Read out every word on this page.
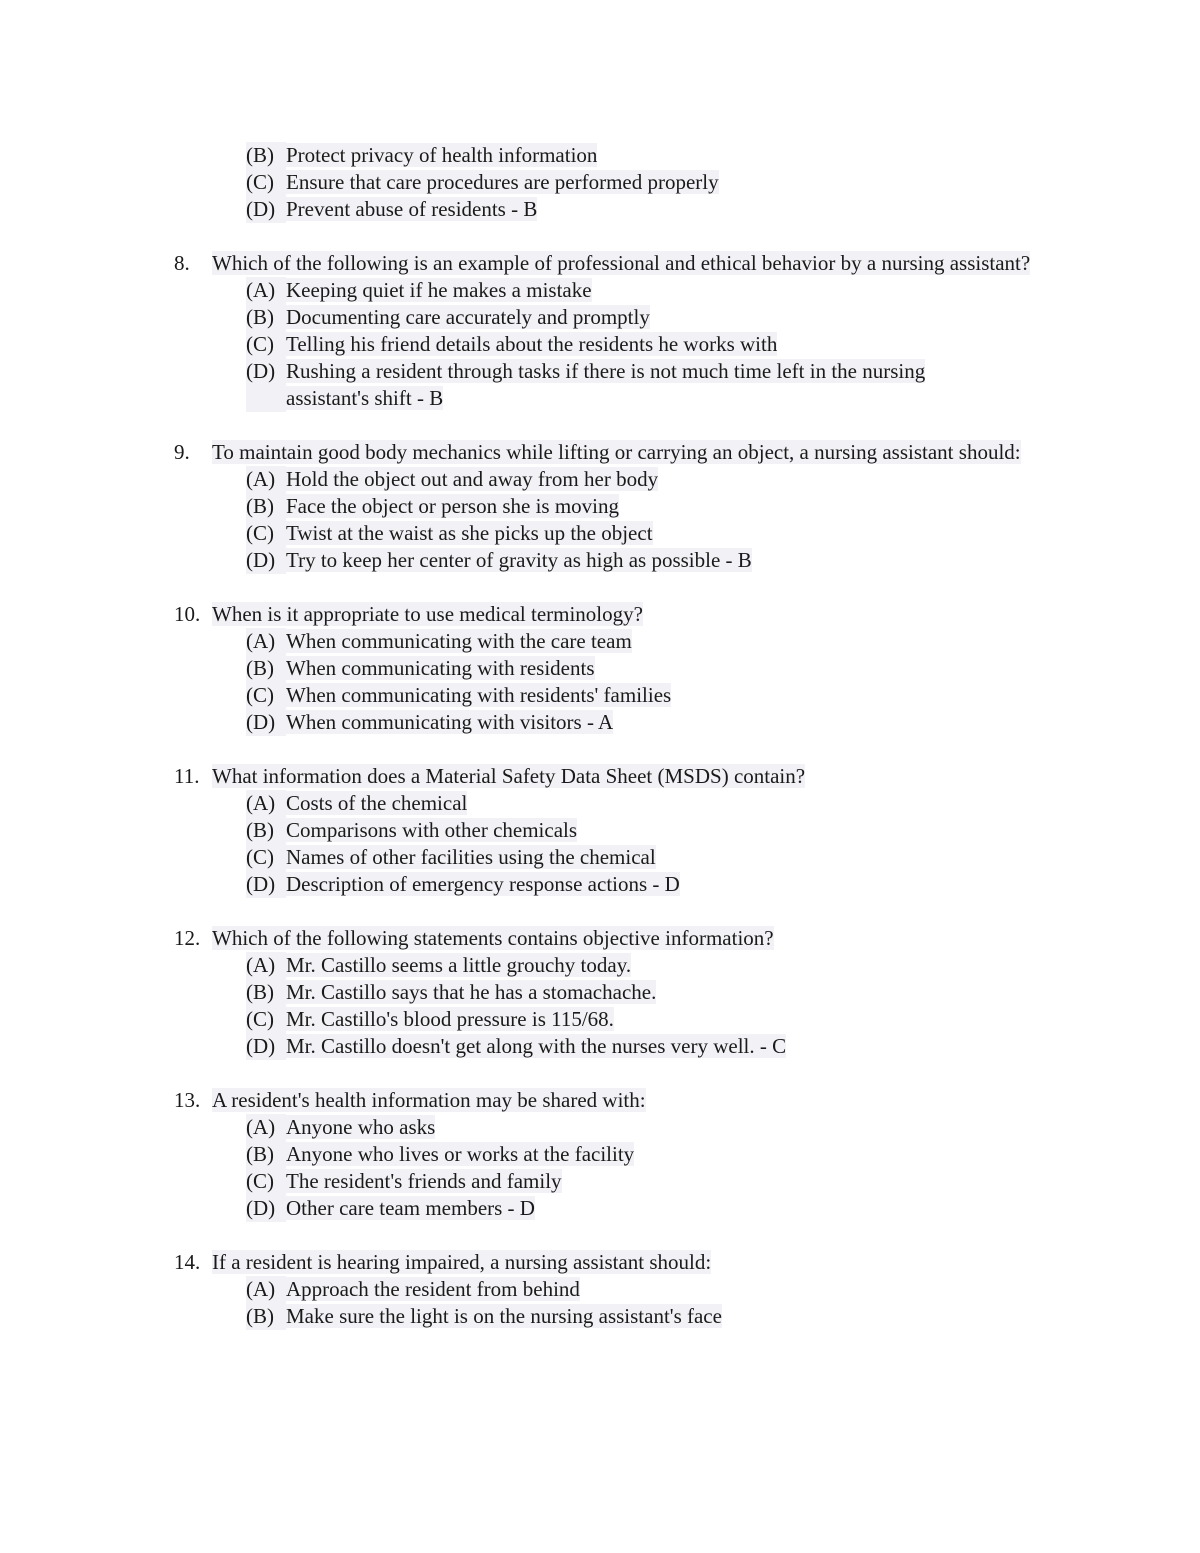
(B) Protect privacy of health information
(C) Ensure that care procedures are performed properly
(D) Prevent abuse of residents - B
8.	Which of the following is an example of professional and ethical behavior by a nursing assistant?
(A) Keeping quiet if he makes a mistake
(B) Documenting care accurately and promptly
(C) Telling his friend details about the residents he works with
(D) Rushing a resident through tasks if there is not much time left in the nursing assistant's shift - B
9.	To maintain good body mechanics while lifting or carrying an object, a nursing assistant should:
(A) Hold the object out and away from her body
(B) Face the object or person she is moving
(C) Twist at the waist as she picks up the object
(D) Try to keep her center of gravity as high as possible - B
10. When is it appropriate to use medical terminology?
(A) When communicating with the care team
(B) When communicating with residents
(C) When communicating with residents' families
(D) When communicating with visitors - A
11. What information does a Material Safety Data Sheet (MSDS) contain?
(A) Costs of the chemical
(B) Comparisons with other chemicals
(C) Names of other facilities using the chemical
(D) Description of emergency response actions - D
12. Which of the following statements contains objective information?
(A) Mr. Castillo seems a little grouchy today.
(B) Mr. Castillo says that he has a stomachache.
(C) Mr. Castillo's blood pressure is 115/68.
(D) Mr. Castillo doesn't get along with the nurses very well. - C
13. A resident's health information may be shared with:
(A) Anyone who asks
(B) Anyone who lives or works at the facility
(C) The resident's friends and family
(D) Other care team members - D
14. If a resident is hearing impaired, a nursing assistant should:
(A) Approach the resident from behind
(B) Make sure the light is on the nursing assistant's face
